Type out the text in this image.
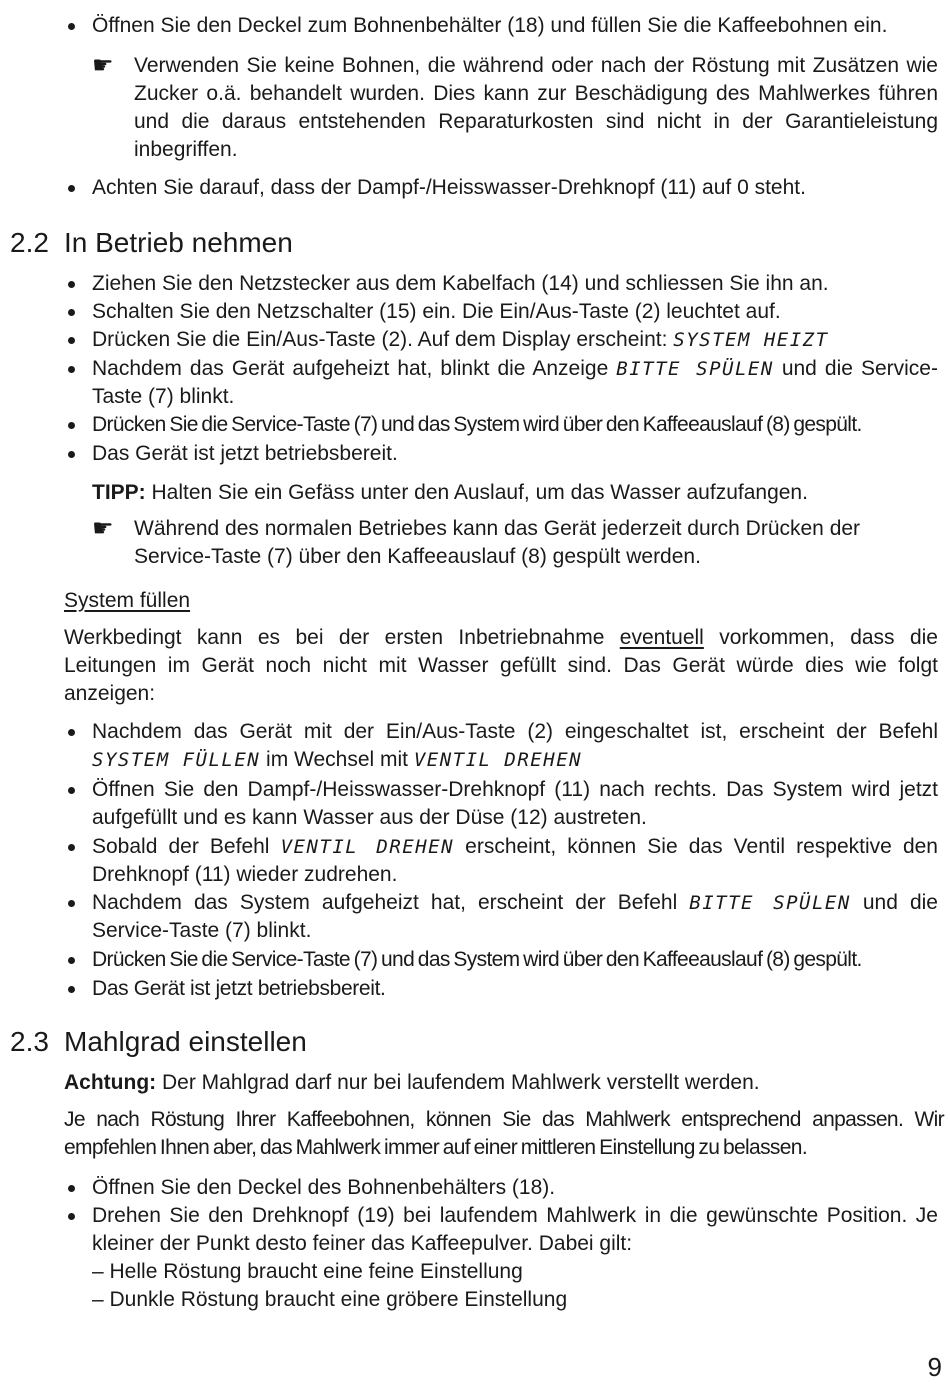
Öffnen Sie den Deckel zum Bohnenbehälter (18) und füllen Sie die Kaffeebohnen ein.
☛ Verwenden Sie keine Bohnen, die während oder nach der Röstung mit Zusätzen wie Zucker o.ä. behandelt wurden. Dies kann zur Beschädigung des Mahlwerkes führen und die daraus entstehenden Reparaturkosten sind nicht in der Garantieleistung inbegriffen.
Achten Sie darauf, dass der Dampf-/Heisswasser-Drehknopf (11) auf 0 steht.
2.2 In Betrieb nehmen
Ziehen Sie den Netzstecker aus dem Kabelfach (14) und schliessen Sie ihn an.
Schalten Sie den Netzschalter (15) ein. Die Ein/Aus-Taste (2) leuchtet auf.
Drücken Sie die Ein/Aus-Taste (2). Auf dem Display erscheint: SYSTEM HEIZT
Nachdem das Gerät aufgeheizt hat, blinkt die Anzeige BITTE SPÜLEN und die Service-Taste (7) blinkt.
Drücken Sie die Service-Taste (7) und das System wird über den Kaffeeauslauf (8) gespült.
Das Gerät ist jetzt betriebsbereit.
TIPP: Halten Sie ein Gefäss unter den Auslauf, um das Wasser aufzufangen.
☛ Während des normalen Betriebes kann das Gerät jederzeit durch Drücken der Service-Taste (7) über den Kaffeeauslauf (8) gespült werden.
System füllen
Werkbedingt kann es bei der ersten Inbetriebnahme eventuell vorkommen, dass die Leitungen im Gerät noch nicht mit Wasser gefüllt sind. Das Gerät würde dies wie folgt anzeigen:
Nachdem das Gerät mit der Ein/Aus-Taste (2) eingeschaltet ist, erscheint der Befehl SYSTEM FÜLLEN im Wechsel mit VENTIL DREHEN
Öffnen Sie den Dampf-/Heisswasser-Drehknopf (11) nach rechts. Das System wird jetzt aufgefüllt und es kann Wasser aus der Düse (12) austreten.
Sobald der Befehl VENTIL DREHEN erscheint, können Sie das Ventil respektive den Drehknopf (11) wieder zudrehen.
Nachdem das System aufgeheizt hat, erscheint der Befehl BITTE SPÜLEN und die Service-Taste (7) blinkt.
Drücken Sie die Service-Taste (7) und das System wird über den Kaffeeauslauf (8) gespült.
Das Gerät ist jetzt betriebsbereit.
2.3 Mahlgrad einstellen
Achtung: Der Mahlgrad darf nur bei laufendem Mahlwerk verstellt werden.
Je nach Röstung Ihrer Kaffeebohnen, können Sie das Mahlwerk entsprechend anpassen. Wir empfehlen Ihnen aber, das Mahlwerk immer auf einer mittleren Einstellung zu belassen.
Öffnen Sie den Deckel des Bohnenbehälters (18).
Drehen Sie den Drehknopf (19) bei laufendem Mahlwerk in die gewünschte Position. Je kleiner der Punkt desto feiner das Kaffeepulver. Dabei gilt:
– Helle Röstung braucht eine feine Einstellung
– Dunkle Röstung braucht eine gröbere Einstellung
9
